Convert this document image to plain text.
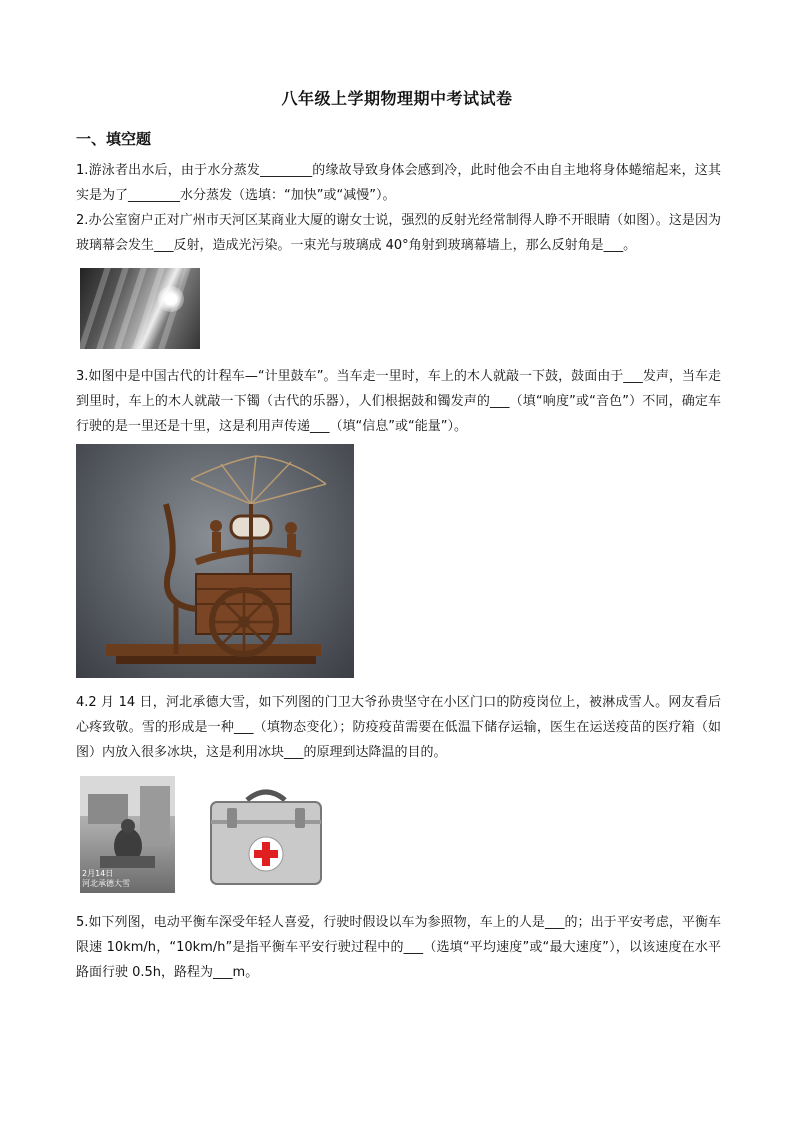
八年级上学期物理期中考试试卷
一、填空题
1.游泳者出水后，由于水分蒸发________的缘故导致身体会感到冷，此时他会不由自主地将身体蜷缩起来，这其实是为了________水分蒸发（选填：“加快”或“减慢”）。
2.办公室窗户正对广州市天河区某商业大厦的谢女士说，强烈的反射光经常制得人睁不开眼睛（如图）。这是因为玻璃幕会发生___反射，造成光污染。一束光与玻璃成 40°角射到玻璃幕墙上，那么反射角是___。
3.如图中是中国古代的计程车—“计里鼓车”。当车走一里时，车上的木人就敲一下鼓，鼓面由于___发声，当车走到里时，车上的木人就敲一下镯（古代的乐器），人们根据鼓和镯发声的___（填“响度”或“音色”）不同，确定车行驶的是一里还是十里，这是利用声传递___（填“信息”或“能量”）。
4.2 月 14 日，河北承德大雪，如下列图的门卫大爷孙贵坚守在小区门口的防疫岗位上，被淋成雪人。网友看后心疼致敬。雪的形成是一种___（填物态变化）；防疫疫苗需要在低温下储存运输，医生在运送疫苗的医疗箱（如图）内放入很多冰块，这是利用冰块___的原理到达降温的目的。
2月14日
河北承德大雪
5.如下列图，电动平衡车深受年轻人喜爱，行驶时假设以车为参照物，车上的人是___的；出于平安考虑，平衡车限速 10km/h，“10km/h”是指平衡车平安行驶过程中的___（选填“平均速度”或“最大速度”），以该速度在水平路面行驶 0.5h，路程为___m。
